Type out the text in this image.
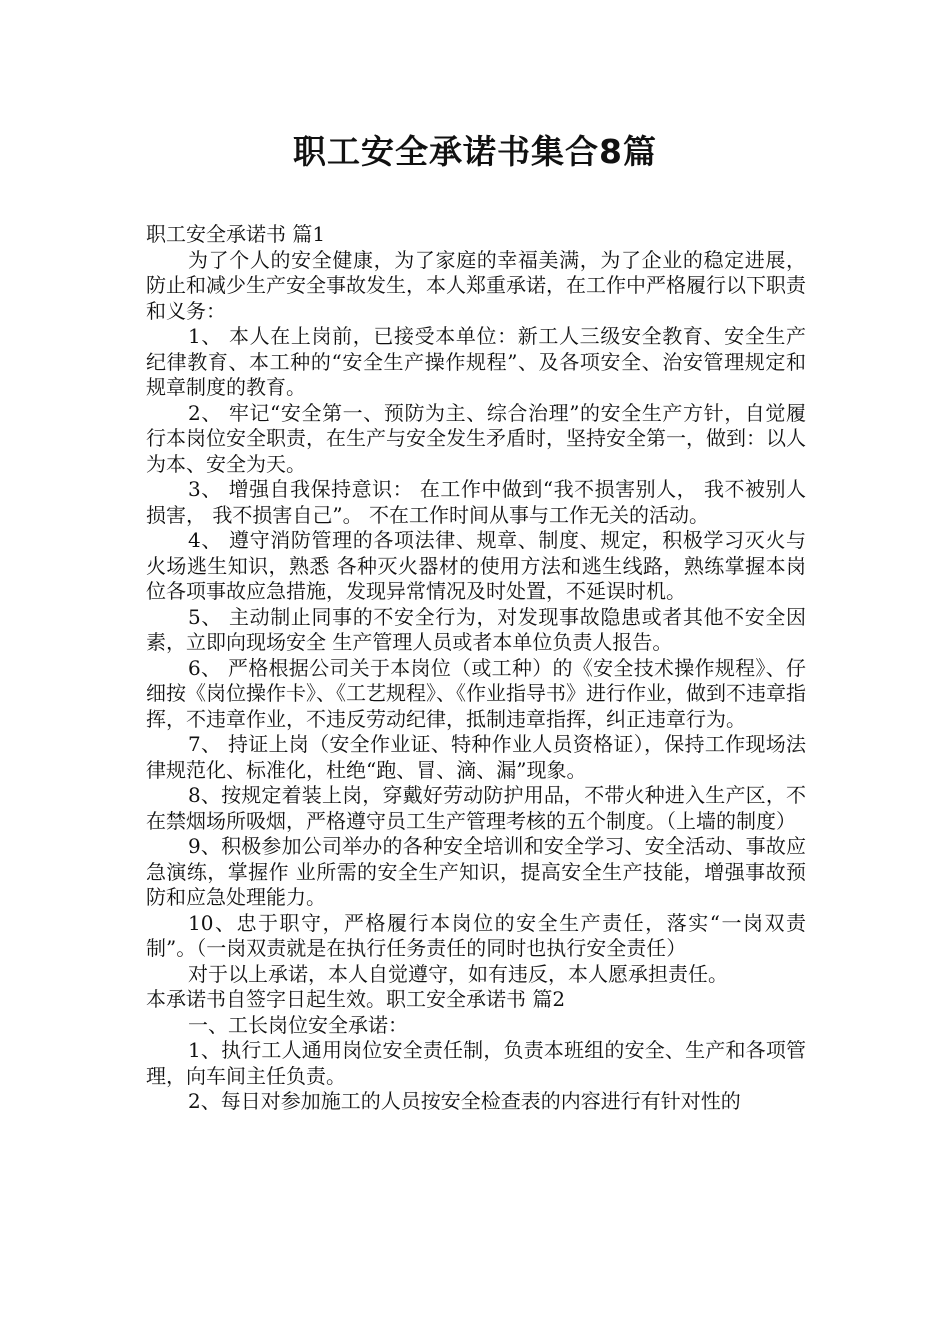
职工安全承诺书集合8篇

职工安全承诺书 篇1

为了个人的安全健康，为了家庭的幸福美满，为了企业的稳定进展，防止和减少生产安全事故发生，本人郑重承诺，在工作中严格履行以下职责和义务：

1、 本人在上岗前，已接受本单位：新工人三级安全教育、安全生产纪律教育、本工种的“安全生产操作规程”、及各项安全、治安管理规定和规章制度的教育。

2、 牢记“安全第一、预防为主、综合治理”的安全生产方针，自觉履行本岗位安全职责，在生产与安全发生矛盾时，坚持安全第一，做到：以人为本、安全为天。

3、 增强自我保持意识： 在工作中做到“我不损害别人， 我不被别人损害， 我不损害自己”。 不在工作时间从事与工作无关的活动。

4、 遵守消防管理的各项法律、规章、制度、规定，积极学习灭火与火场逃生知识，熟悉 各种灭火器材的使用方法和逃生线路，熟练掌握本岗位各项事故应急措施，发现异常情况及时处置，不延误时机。

5、 主动制止同事的不安全行为，对发现事故隐患或者其他不安全因素，立即向现场安全 生产管理人员或者本单位负责人报告。

6、 严格根据公司关于本岗位（或工种）的《安全技术操作规程》、仔细按《岗位操作卡》、《工艺规程》、《作业指导书》进行作业，做到不违章指挥，不违章作业，不违反劳动纪律，抵制违章指挥，纠正违章行为。

7、 持证上岗（安全作业证、特种作业人员资格证），保持工作现场法律规范化、标准化，杜绝“跑、冒、滴、漏”现象。

8、按规定着装上岗，穿戴好劳动防护用品，不带火种进入生产区，不在禁烟场所吸烟，严格遵守员工生产管理考核的五个制度。（上墙的制度）

9、积极参加公司举办的各种安全培训和安全学习、安全活动、事故应急演练，掌握作 业所需的安全生产知识，提高安全生产技能，增强事故预防和应急处理能力。

10、忠于职守，严格履行本岗位的安全生产责任，落实“一岗双责制”。（一岗双责就是在执行任务责任的同时也执行安全责任）

对于以上承诺，本人自觉遵守，如有违反，本人愿承担责任。

本承诺书自签字日起生效。职工安全承诺书 篇2

一、工长岗位安全承诺：

1、执行工人通用岗位安全责任制，负责本班组的安全、生产和各项管理，向车间主任负责。

2、每日对参加施工的人员按安全检查表的内容进行有针对性的
